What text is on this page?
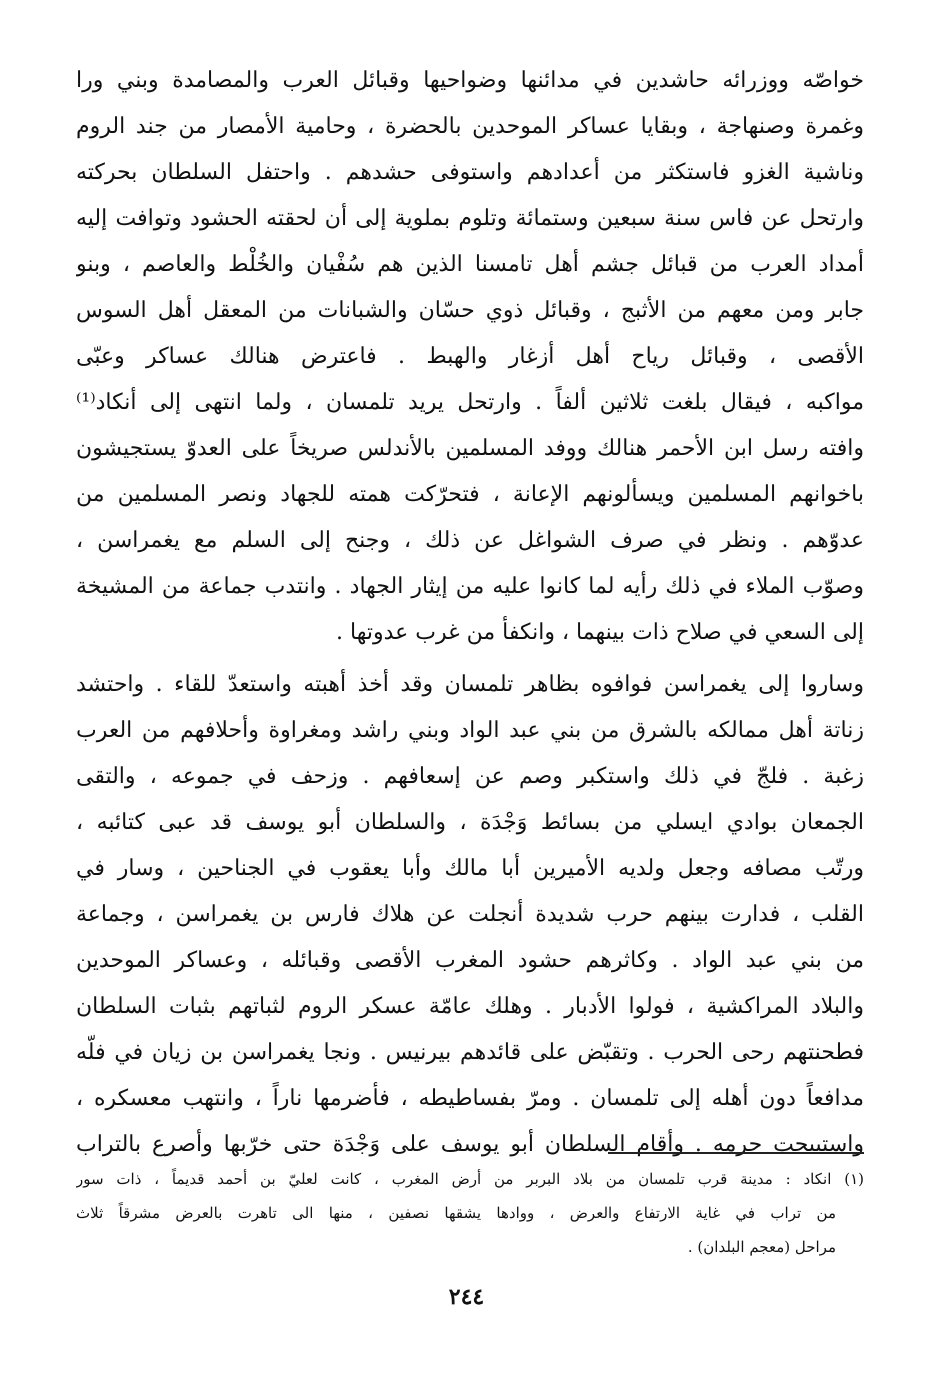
خواصّه ووزرائه حاشدين في مدائنها وضواحيها وقبائل العرب والمصامدة وبني ورا
وغمرة وصنهاجة ، وبقايا عساكر الموحدين بالحضرة ، وحامية الأمصار من جند الروم
وناشية الغزو فاستكثر من أعدادهم واستوفى حشدهم . واحتفل السلطان بحركته
وارتحل عن فاس سنة سبعين وستمائة وتلوم بملوية إلى أن لحقته الحشود وتوافت إليه
أمداد العرب من قبائل جشم أهل تامسنا الذين هم سُفْيان والخُلْط والعاصم ، وبنو
جابر ومن معهم من الأثبج ، وقبائل ذوي حسّان والشبانات من المعقل أهل السوس
الأقصى ، وقبائل رياح أهل أزغار والهبط . فاعترض هنالك عساكر وعبّى
مواكبه ، فيقال بلغت ثلاثين ألفاً . وارتحل يريد تلمسان ، ولما انتهى إلى أنكاد⁽¹⁾
وافته رسل ابن الأحمر هنالك ووفد المسلمين بالأندلس صريخاً على العدوّ يستجيشون
باخوانهم المسلمين ويسألونهم الإعانة ، فتحرّكت همته للجهاد ونصر المسلمين من
عدوّهم . ونظر في صرف الشواغل عن ذلك ، وجنح إلى السلم مع يغمراسن ،
وصوّب الملاء في ذلك رأيه لما كانوا عليه من إيثار الجهاد . وانتدب جماعة من المشيخة
إلى السعي في صلاح ذات بينهما ، وانكفأ من غرب عدوتها .
وساروا إلى يغمراسن فوافوه بظاهر تلمسان وقد أخذ أهبته واستعدّ للقاء . واحتشد
زناتة أهل ممالكه بالشرق من بني عبد الواد وبني راشد ومغراوة وأحلافهم من العرب
زغبة . فلجّ في ذلك واستكبر وصم عن إسعافهم . وزحف في جموعه ، والتقى
الجمعان بوادي ايسلي من بسائط وَجْدَة ، والسلطان أبو يوسف قد عبى كتائبه ،
ورتّب مصافه وجعل ولديه الأميرين أبا مالك وأبا يعقوب في الجناحين ، وسار في
القلب ، فدارت بينهم حرب شديدة أنجلت عن هلاك فارس بن يغمراسن ، وجماعة
من بني عبد الواد . وكاثرهم حشود المغرب الأقصى وقبائله ، وعساكر الموحدين
والبلاد المراكشية ، فولوا الأدبار . وهلك عامّة عسكر الروم لثباتهم بثبات السلطان
فطحنتهم رحى الحرب . وتقبّض على قائدهم بيرنيس . ونجا يغمراسن بن زيان في فلّه
مدافعاً دون أهله إلى تلمسان . ومرّ بفساطيطه ، فأضرمها ناراً ، وانتهب معسكره ،
واستبيحت حرمه . وأقام السلطان أبو يوسف على وَجْدَة حتى خرّبها وأصرع بالتراب
(١) انكاد : مدينة قرب تلمسان من بلاد البربر من أرض المغرب ، كانت لعليّ بن أحمد قديماً ، ذات سور
من تراب في غاية الارتفاع والعرض ، ووادها يشقها نصفين ، منها الى تاهرت بالعرض مشرقاً ثلاث
مراحل (معجم البلدان) .
٢٤٤
